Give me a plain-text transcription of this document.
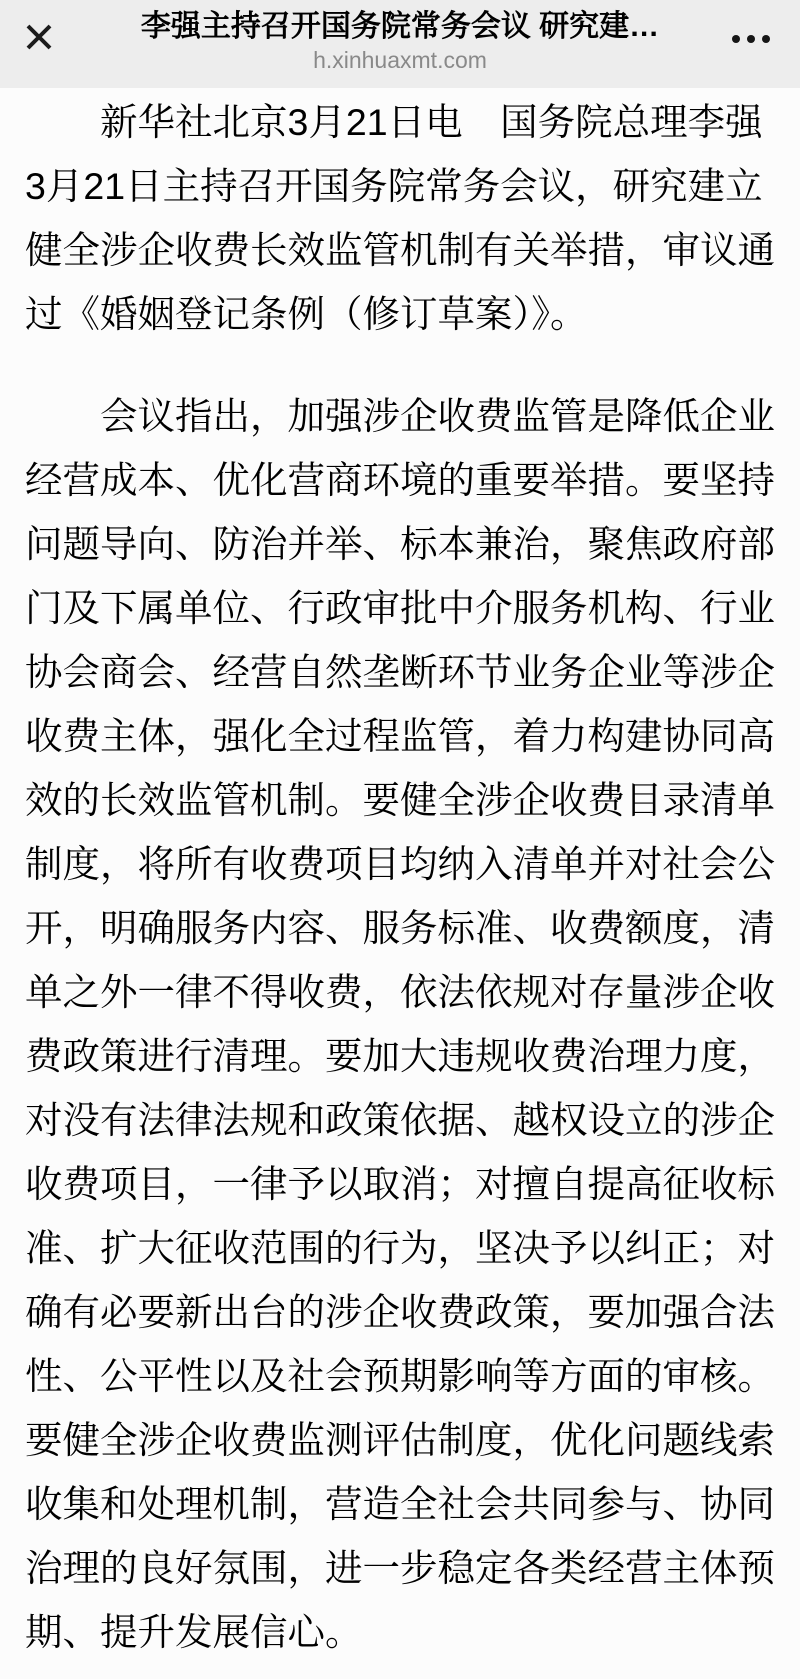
李强主持召开国务院常务会议 研究建…
h.xinhuaxmt.com

新华社北京3月21日电　国务院总理李强3月21日主持召开国务院常务会议，研究建立健全涉企收费长效监管机制有关举措，审议通过《婚姻登记条例（修订草案）》。

会议指出，加强涉企收费监管是降低企业经营成本、优化营商环境的重要举措。要坚持问题导向、防治并举、标本兼治，聚焦政府部门及下属单位、行政审批中介服务机构、行业协会商会、经营自然垄断环节业务企业等涉企收费主体，强化全过程监管，着力构建协同高效的长效监管机制。要健全涉企收费目录清单制度，将所有收费项目均纳入清单并对社会公开，明确服务内容、服务标准、收费额度，清单之外一律不得收费，依法依规对存量涉企收费政策进行清理。要加大违规收费治理力度，对没有法律法规和政策依据、越权设立的涉企收费项目，一律予以取消；对擅自提高征收标准、扩大征收范围的行为，坚决予以纠正；对确有必要新出台的涉企收费政策，要加强合法性、公平性以及社会预期影响等方面的审核。要健全涉企收费监测评估制度，优化问题线索收集和处理机制，营造全社会共同参与、协同治理的良好氛围，进一步稳定各类经营主体预期、提升发展信心。
